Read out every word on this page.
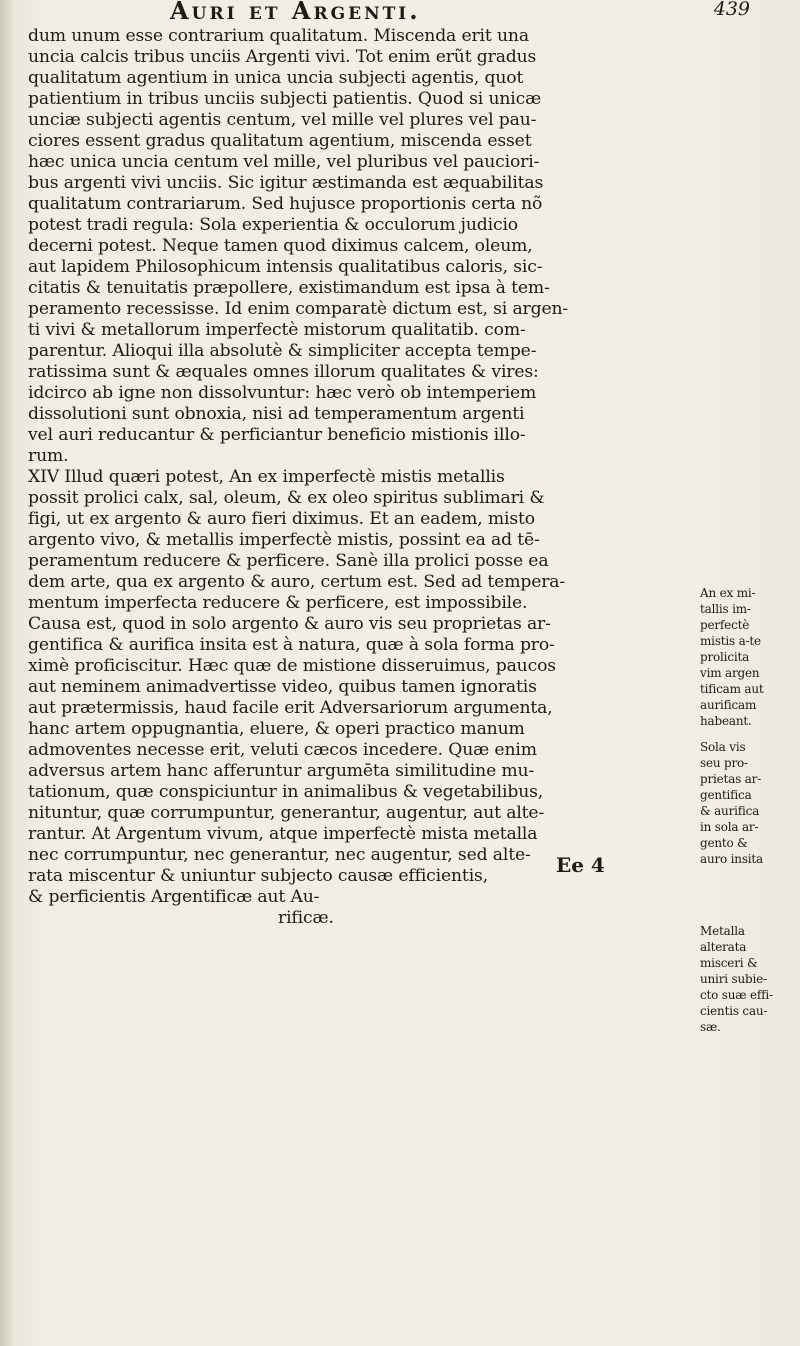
Auri et Argenti.	439
dum unum esse contrarium qualitatum. Miscenda erit una
uncia calcis tribus unciis Argenti vivi. Tot enim erũt gradus
qualitatum agentium in unica uncia subjecti agentis, quot
patientium in tribus unciis subjecti patientis. Quod si unicæ
unciæ subjecti agentis centum, vel mille vel plures vel pau-
ciores essent gradus qualitatum agentium, miscenda esset
hæc unica uncia centum vel mille, vel pluribus vel pauciori-
bus argenti vivi unciis. Sic igitur æstimanda est æquabilitas
qualitatum contrariarum. Sed hujusce proportionis certa nõ
potest tradi regula: Sola experientia & occulorum judicio
decerni potest. Neque tamen quod diximus calcem, oleum,
aut lapidem Philosophicum intensis qualitatibus caloris, sic-
citatis & tenuitatis præpollere, existimandum est ipsa à tem-
peramento recessisse. Id enim comparatè dictum est, si argen-
ti vivi & metallorum imperfectè mistorum qualitatib. com-
parentur. Alioqui illa absolutè & simpliciter accepta tempe-
ratissima sunt & æquales omnes illorum qualitates & vires:
idcirco ab igne non dissolvuntur: hæc verò ob intemperiem
dissolutioni sunt obnoxia, nisi ad temperamentum argenti
vel auri reducantur & perficiantur beneficio mistionis illo-
rum.
XIV Illud quæri potest, An ex imperfectè mistis metallis
possit prolici calx, sal, oleum, & ex oleo spiritus sublimari &
figi, ut ex argento & auro fieri diximus. Et an eadem, misto
argento vivo, & metallis imperfectè mistis, possint ea ad tē-
peramentum reducere & perficere. Sanè illa prolici posse ea
dem arte, qua ex argento & auro, certum est. Sed ad tempera-
mentum imperfecta reducere & perficere, est impossibile.
Causa est, quod in solo argento & auro vis seu proprietas ar-
gentifica & aurifica insita est à natura, quæ à sola forma pro-
ximè proficiscitur. Hæc quæ de mistione disseruimus, paucos
aut neminem animadvertisse video, quibus tamen ignoratis
aut prætermissis, haud facile erit Adversariorum argumenta,
hanc artem oppugnantia, eluere, & operi practico manum
admoventes necesse erit, veluti cæcos incedere. Quæ enim
adversus artem hanc afferuntur argumēta similitudine mu-
tationum, quæ conspiciuntur in animalibus & vegetabilibus,
nituntur, quæ corrumpuntur, generantur, augentur, aut alte-
rantur. At Argentum vivum, atque imperfectè mista metalla
nec corrumpuntur, nec generantur, nec augentur, sed alte-
rata miscentur & uniuntur subjecto causæ efficientis,
& perficientis Argentificæ aut Au-
rificæ.
Ee 4
An ex mi-
tallis im-
perfectè
mistis a-te
prolicita
vim argen
tificam aut
aurificam
habeant.
Sola vis
seu pro-
prietas ar-
gentifica
& aurifica
in sola ar-
gento &
auro insita
Metalla
alterata
misceri &
uniri subie-
cto suæ effi-
cientis cau-
sæ.
